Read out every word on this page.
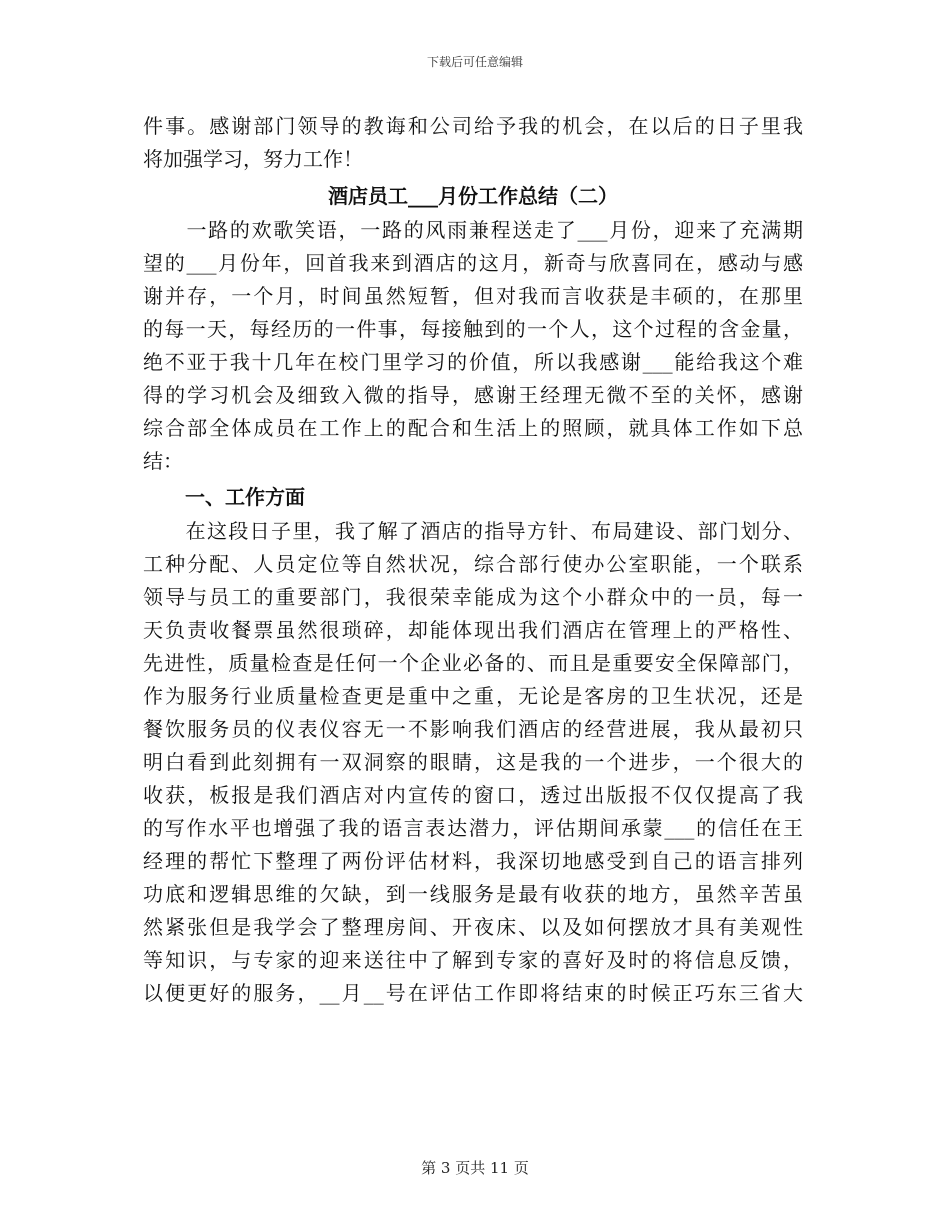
下载后可任意编辑
件事。感谢部门领导的教诲和公司给予我的机会，在以后的日子里我
将加强学习，努力工作！
酒店员工___月份工作总结（二）
　　一路的欢歌笑语，一路的风雨兼程送走了___月份，迎来了充满期
望的___月份年，回首我来到酒店的这月，新奇与欣喜同在，感动与感
谢并存，一个月，时间虽然短暂，但对我而言收获是丰硕的，在那里
的每一天，每经历的一件事，每接触到的一个人，这个过程的含金量，
绝不亚于我十几年在校门里学习的价值，所以我感谢___能给我这个难
得的学习机会及细致入微的指导，感谢王经理无微不至的关怀，感谢
综合部全体成员在工作上的配合和生活上的照顾，就具体工作如下总
结：
一、工作方面
　　在这段日子里，我了解了酒店的指导方针、布局建设、部门划分、
工种分配、人员定位等自然状况，综合部行使办公室职能，一个联系
领导与员工的重要部门，我很荣幸能成为这个小群众中的一员，每一
天负责收餐票虽然很琐碎，却能体现出我们酒店在管理上的严格性、
先进性，质量检查是任何一个企业必备的、而且是重要安全保障部门，
作为服务行业质量检查更是重中之重，无论是客房的卫生状况，还是
餐饮服务员的仪表仪容无一不影响我们酒店的经营进展，我从最初只
明白看到此刻拥有一双洞察的眼睛，这是我的一个进步，一个很大的
收获，板报是我们酒店对内宣传的窗口，透过出版报不仅仅提高了我
的写作水平也增强了我的语言表达潜力，评估期间承蒙___的信任在王
经理的帮忙下整理了两份评估材料，我深切地感受到自己的语言排列
功底和逻辑思维的欠缺，到一线服务是最有收获的地方，虽然辛苦虽
然紧张但是我学会了整理房间、开夜床、以及如何摆放才具有美观性
等知识，与专家的迎来送往中了解到专家的喜好及时的将信息反馈，
以便更好的服务，__月__号在评估工作即将结束的时候正巧东三省大
第 3 页共 11 页
